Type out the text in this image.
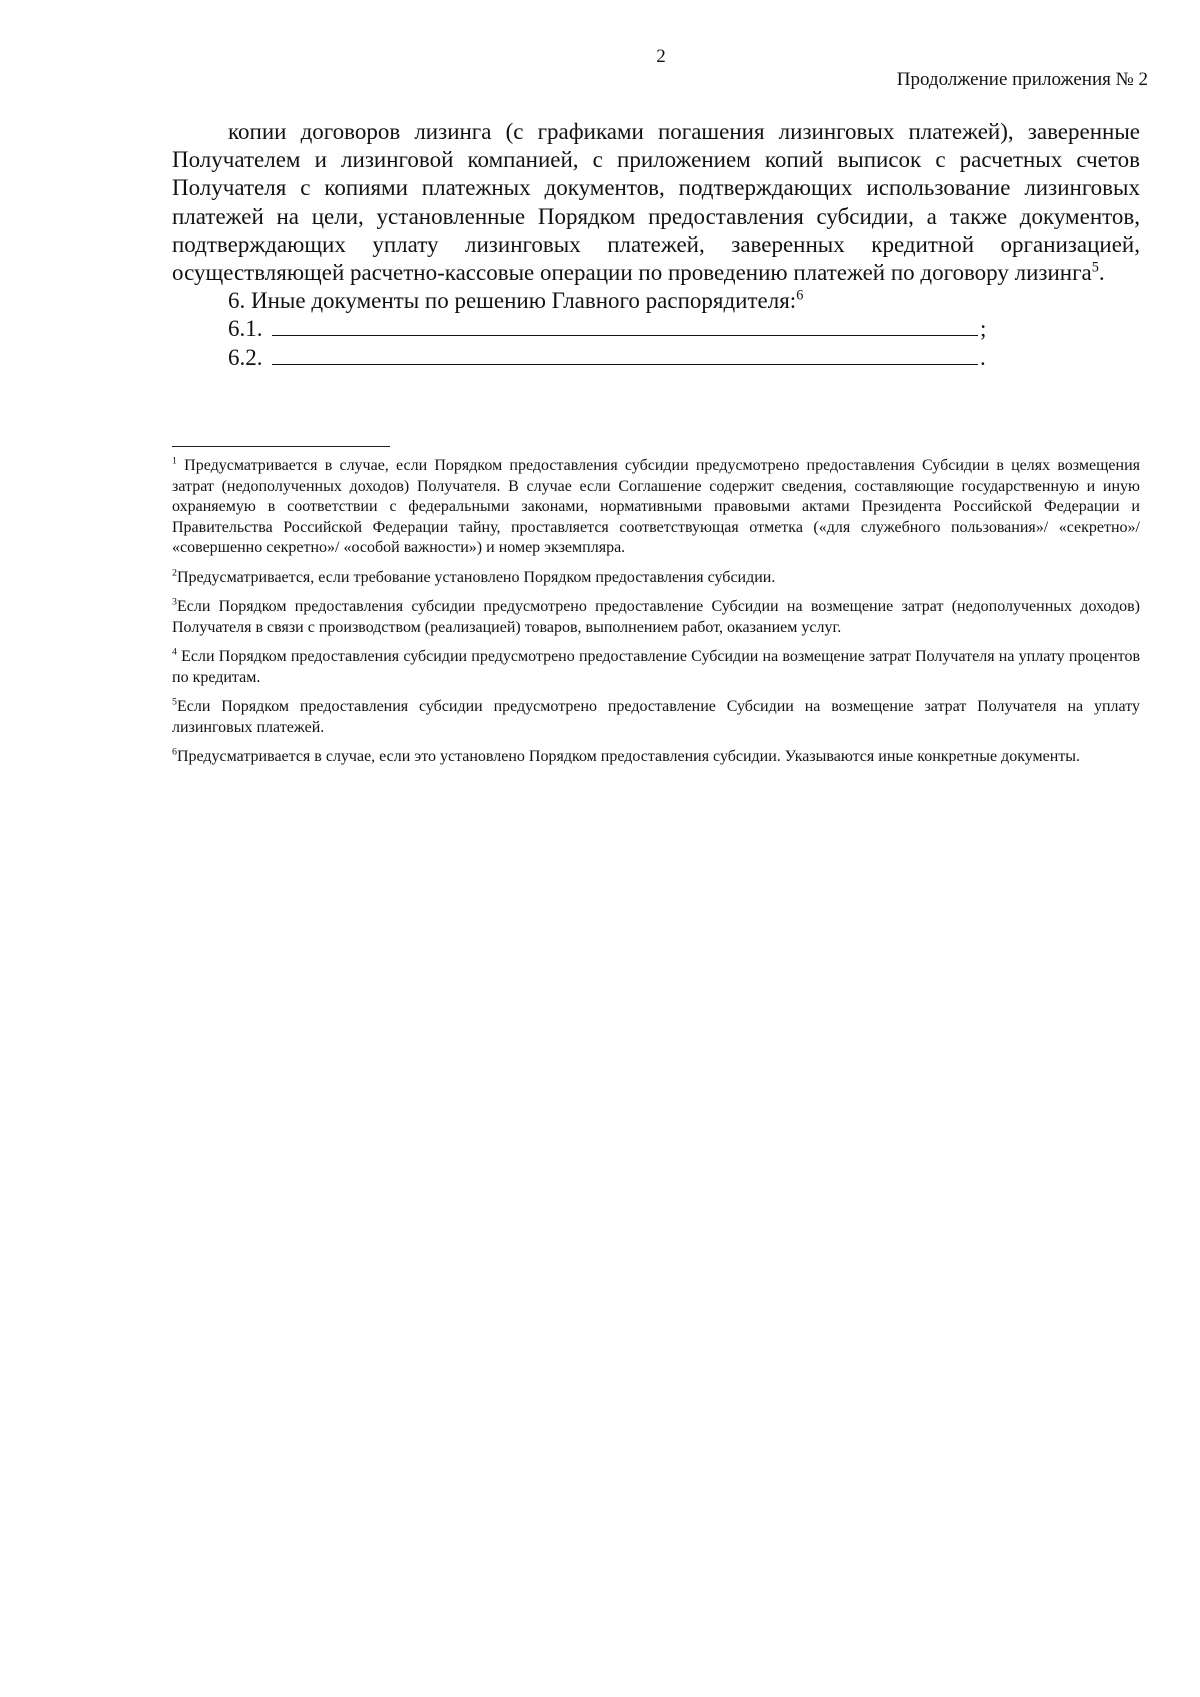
2
Продолжение приложения № 2

копии договоров лизинга (с графиками погашения лизинговых платежей), заверенные Получателем и лизинговой компанией, с приложением копий выписок с расчетных счетов Получателя с копиями платежных документов, подтверждающих использование лизинговых платежей на цели, установленные Порядком предоставления субсидии, а также документов, подтверждающих уплату лизинговых платежей, заверенных кредитной организацией, осуществляющей расчетно-кассовые операции по проведению платежей по договору лизинга$^5$.

6. Иные документы по решению Главного распорядителя:$^6$

6.1.	;
6.2.	.

$^1$ Предусматривается в случае, если Порядком предоставления субсидии предусмотрено предоставления Субсидии в целях возмещения затрат (недополученных доходов) Получателя. В случае если Соглашение содержит сведения, составляющие государственную и иную охраняемую в соответствии с федеральными законами, нормативными правовыми актами Президента Российской Федерации и Правительства Российской Федерации тайну, проставляется соответствующая отметка («для служебного пользования»/ «секретно»/ «совершенно секретно»/ «особой важности») и номер экземпляра.

$^2$Предусматривается, если требование установлено Порядком предоставления субсидии.

$^3$Если Порядком предоставления субсидии предусмотрено предоставление Субсидии на возмещение затрат (недополученных доходов) Получателя в связи с производством (реализацией) товаров, выполнением работ, оказанием услуг.

$^4$ Если Порядком предоставления субсидии предусмотрено предоставление Субсидии на возмещение затрат Получателя на уплату процентов по кредитам.

$^5$Если Порядком предоставления субсидии предусмотрено предоставление Субсидии на возмещение затрат Получателя на уплату лизинговых платежей.

$^6$Предусматривается в случае, если это установлено Порядком предоставления субсидии. Указываются иные конкретные документы.
